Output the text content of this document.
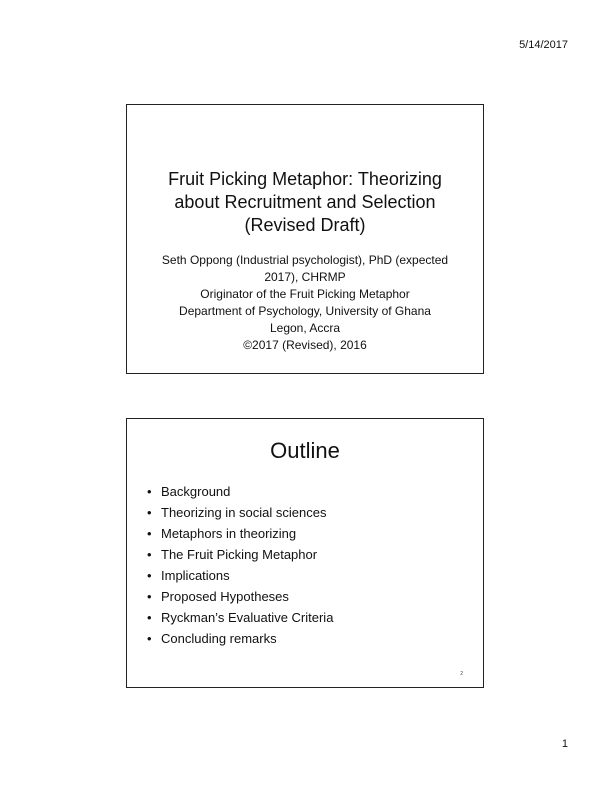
5/14/2017
Fruit Picking Metaphor: Theorizing
about Recruitment and Selection
(Revised Draft)
Seth Oppong (Industrial psychologist), PhD (expected
2017), CHRMP
Originator of the Fruit Picking Metaphor
Department of Psychology, University of Ghana
Legon, Accra
©2017 (Revised), 2016
Outline
• Background
• Theorizing in social sciences
• Metaphors in theorizing
• The Fruit Picking Metaphor
• Implications
• Proposed Hypotheses
• Ryckman’s Evaluative Criteria
• Concluding remarks
2
1
